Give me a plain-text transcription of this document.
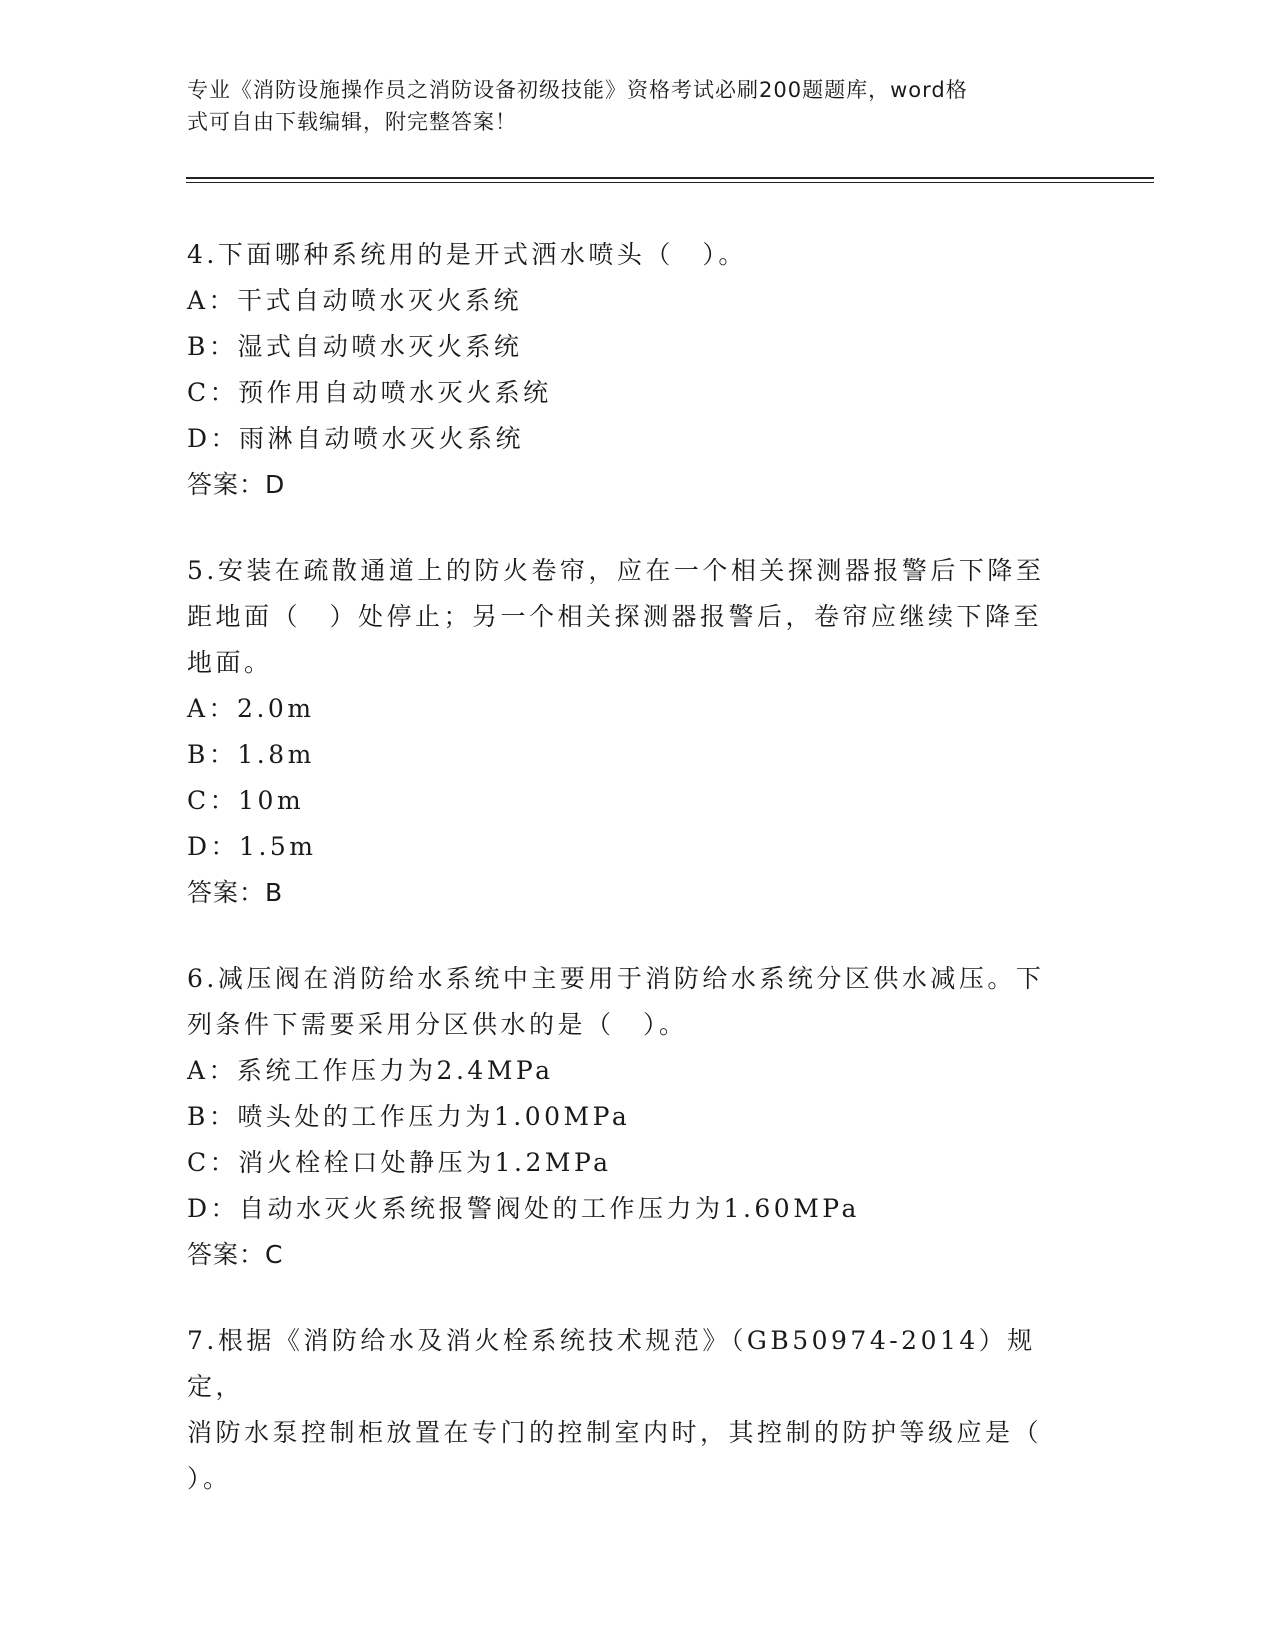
专业《消防设施操作员之消防设备初级技能》资格考试必刷200题题库，word格
式可自由下载编辑，附完整答案！

4.下面哪种系统用的是开式洒水喷头（　）。

A：干式自动喷水灭火系统

B：湿式自动喷水灭火系统

C：预作用自动喷水灭火系统

D：雨淋自动喷水灭火系统

答案：D

5.安装在疏散通道上的防火卷帘，应在一个相关探测器报警后下降至

距地面（　）处停止；另一个相关探测器报警后，卷帘应继续下降至

地面。

A：2.0m

B：1.8m

C：10m

D：1.5m

答案：B

6.减压阀在消防给水系统中主要用于消防给水系统分区供水减压。下

列条件下需要采用分区供水的是（　）。

A：系统工作压力为2.4MPa

B：喷头处的工作压力为1.00MPa

C：消火栓栓口处静压为1.2MPa

D：自动水灭火系统报警阀处的工作压力为1.60MPa

答案：C

7.根据《消防给水及消火栓系统技术规范》（GB50974-2014）规定，

消防水泵控制柜放置在专门的控制室内时，其控制的防护等级应是（

）。
